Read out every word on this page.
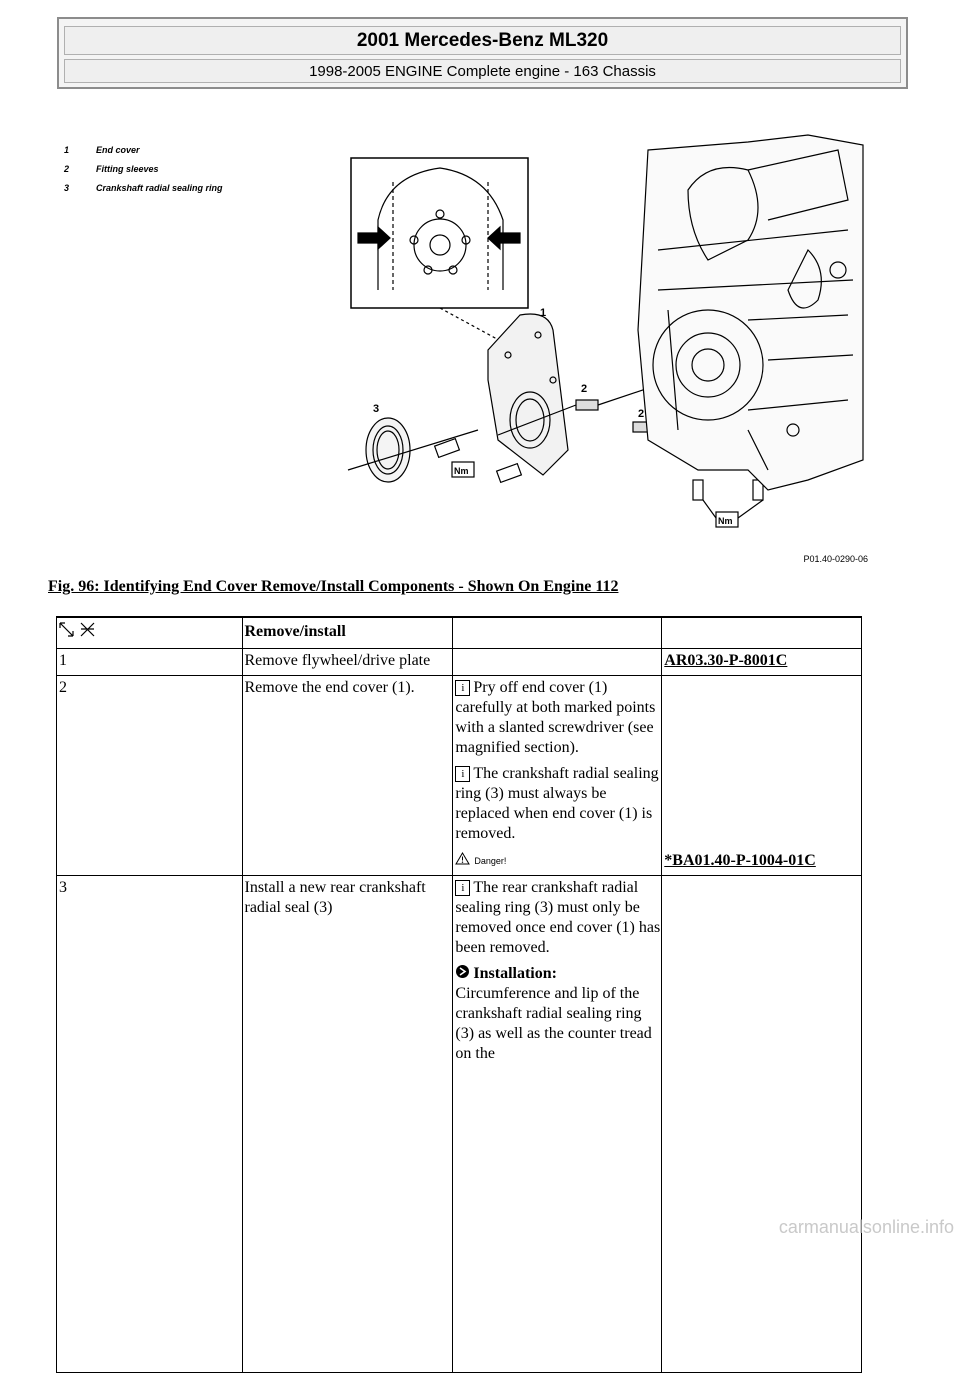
2001 Mercedes-Benz ML320
1998-2005 ENGINE Complete engine - 163 Chassis
1	End cover
2	Fitting sleeves
3	Crankshaft radial sealing ring
1
2
2
3
Nm
Nm
P01.40-0290-06
Fig. 96: Identifying End Cover Remove/Install Components - Shown On Engine 112
	Remove/install		
1	Remove flywheel/drive plate		AR03.30-P-8001C
2	Remove the end cover (1).	i Pry off end cover (1) carefully at both marked points with a slanted screwdriver (see magnified section).
i The crankshaft radial sealing ring (3) must always be replaced when end cover (1) is removed.
Danger!	*BA01.40-P-1004-01C
3	Install a new rear crankshaft radial seal (3)	i The rear crankshaft radial sealing ring (3) must only be removed once end cover (1) has been removed.
Installation:
Circumference and lip of the crankshaft radial sealing ring (3) as well as the counter tread on the	

carmanualsonline.info
